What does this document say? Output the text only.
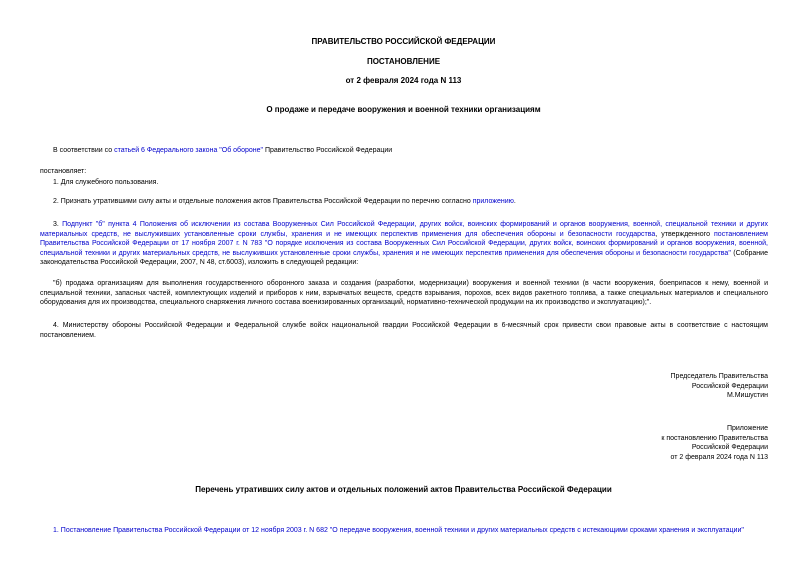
ПРАВИТЕЛЬСТВО РОССИЙСКОЙ ФЕДЕРАЦИИ
ПОСТАНОВЛЕНИЕ
от 2 февраля 2024 года N 113
О продаже и передаче вооружения и военной техники организациям
В соответствии со статьей 6 Федерального закона "Об обороне" Правительство Российской Федерации
постановляет:
1. Для служебного пользования.
2. Признать утратившими силу акты и отдельные положения актов Правительства Российской Федерации по перечню согласно приложению.
3. Подпункт "б" пункта 4 Положения об исключении из состава Вооруженных Сил Российской Федерации, других войск, воинских формирований и органов вооружения, военной, специальной техники и других материальных средств, не выслуживших установленные сроки службы, хранения и не имеющих перспектив применения для обеспечения обороны и безопасности государства, утвержденного постановлением Правительства Российской Федерации от 17 ноября 2007 г. N 783 "О порядке исключения из состава Вооруженных Сил Российской Федерации, других войск, воинских формирований и органов вооружения, военной, специальной техники и других материальных средств, не выслуживших установленные сроки службы, хранения и не имеющих перспектив применения для обеспечения обороны и безопасности государства" (Собрание законодательства Российской Федерации, 2007, N 48, ст.6003), изложить в следующей редакции:
"б) продажа организациям для выполнения государственного оборонного заказа и создания (разработки, модернизации) вооружения и военной техники (в части вооружения, боеприпасов к нему, военной и специальной техники, запасных частей, комплектующих изделий и приборов к ним, взрывчатых веществ, средств взрывания, порохов, всех видов ракетного топлива, а также специальных материалов и специального оборудования для их производства, специального снаряжения личного состава военизированных организаций, нормативно-технической продукции на их производство и эксплуатацию);".
4. Министерству обороны Российской Федерации и Федеральной службе войск национальной гвардии Российской Федерации в 6-месячный срок привести свои правовые акты в соответствие с настоящим постановлением.
Председатель Правительства
Российской Федерации
М.Мишустин
Приложение
к постановлению Правительства
Российской Федерации
от 2 февраля 2024 года N 113
Перечень утративших силу актов и отдельных положений актов Правительства Российской Федерации
1. Постановление Правительства Российской Федерации от 12 ноября 2003 г. N 682 "О передаче вооружения, военной техники и других материальных средств с истекающими сроками хранения и эксплуатации"
